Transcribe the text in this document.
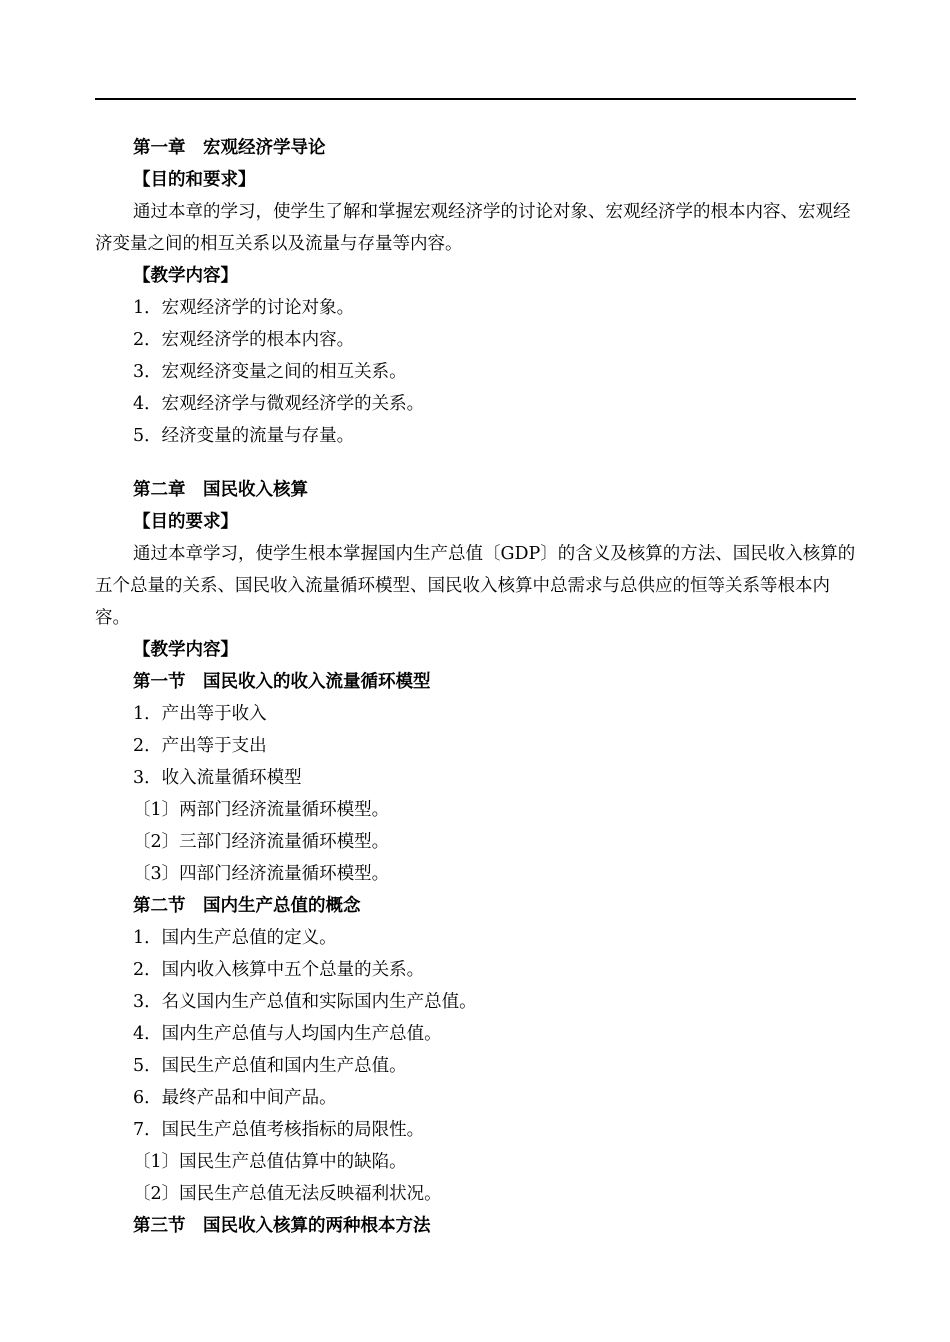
第一章　宏观经济学导论
【目的和要求】
通过本章的学习，使学生了解和掌握宏观经济学的讨论对象、宏观经济学的根本内容、宏观经济变量之间的相互关系以及流量与存量等内容。
【教学内容】
1．宏观经济学的讨论对象。
2．宏观经济学的根本内容。
3．宏观经济变量之间的相互关系。
4．宏观经济学与微观经济学的关系。
5．经济变量的流量与存量。
第二章　国民收入核算
【目的要求】
通过本章学习，使学生根本掌握国内生产总值〔GDP〕的含义及核算的方法、国民收入核算的五个总量的关系、国民收入流量循环模型、国民收入核算中总需求与总供应的恒等关系等根本内容。
【教学内容】
第一节　国民收入的收入流量循环模型
1．产出等于收入
2．产出等于支出
3．收入流量循环模型
〔1〕两部门经济流量循环模型。
〔2〕三部门经济流量循环模型。
〔3〕四部门经济流量循环模型。
第二节　国内生产总值的概念
1．国内生产总值的定义。
2．国内收入核算中五个总量的关系。
3．名义国内生产总值和实际国内生产总值。
4．国内生产总值与人均国内生产总值。
5．国民生产总值和国内生产总值。
6．最终产品和中间产品。
7．国民生产总值考核指标的局限性。
〔1〕国民生产总值估算中的缺陷。
〔2〕国民生产总值无法反映福利状况。
第三节　国民收入核算的两种根本方法
